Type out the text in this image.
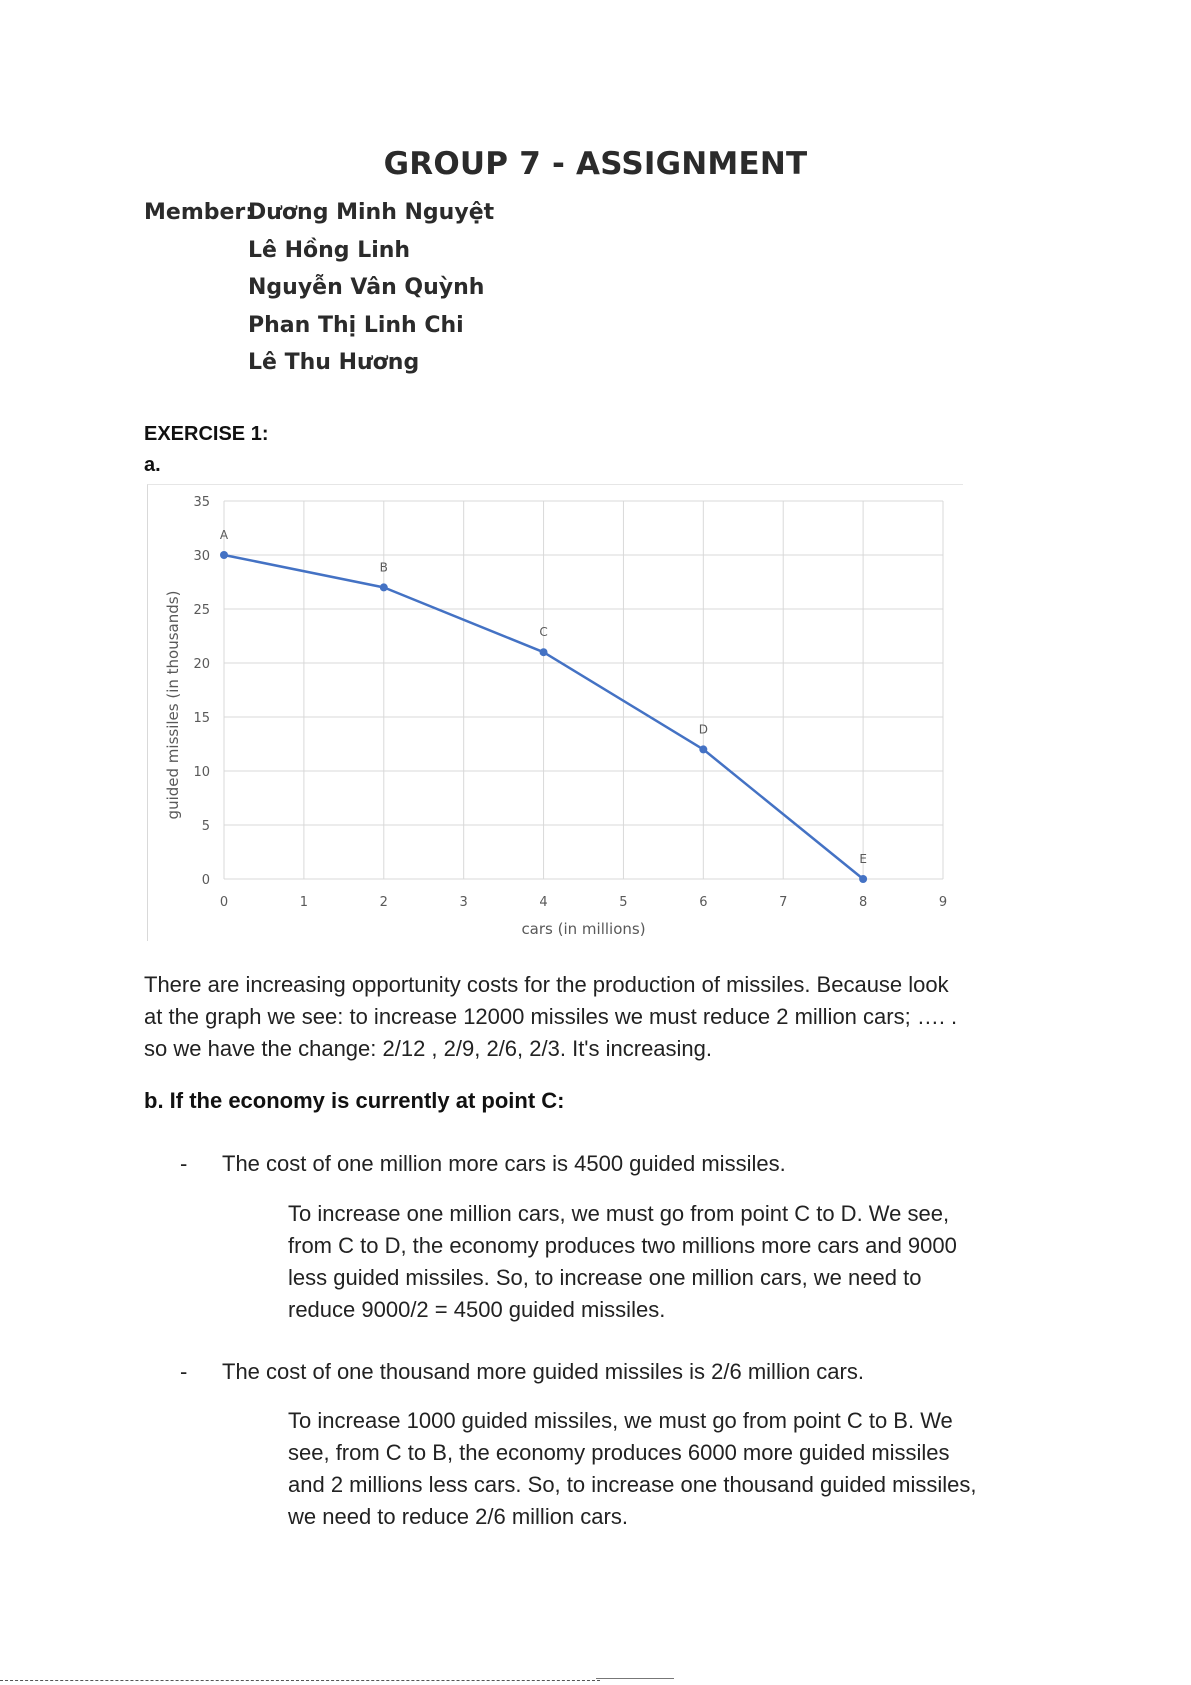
GROUP 7 - ASSIGNMENT
Member:Dương Minh Nguyệt
Lê Hồng Linh
Nguyễn Vân Quỳnh
Phan Thị Linh Chi
Lê Thu Hương
EXERCISE 1:
a.
0
5
10
15
20
25
30
35
0	1	2	3	4	5	6	7	8	9
cars (in millions)
guided missiles (in thousands)
A
B
C
D
E
There are increasing opportunity costs for the production of missiles. Because look
at the graph we see: to increase 12000 missiles we must reduce 2 million cars; …. .
so we have the change: 2/12 , 2/9, 2/6, 2/3. It's increasing.
b. If the economy is currently at point C:
- The cost of one million more cars is 4500 guided missiles.
To increase one million cars, we must go from point C to D. We see,
from C to D, the economy produces two millions more cars and 9000
less guided missiles. So, to increase one million cars, we need to
reduce 9000/2 = 4500 guided missiles.
- The cost of one thousand more guided missiles is 2/6 million cars.
To increase 1000 guided missiles, we must go from point C to B. We
see, from C to B, the economy produces 6000 more guided missiles
and 2 millions less cars. So, to increase one thousand guided missiles,
we need to reduce 2/6 million cars.
